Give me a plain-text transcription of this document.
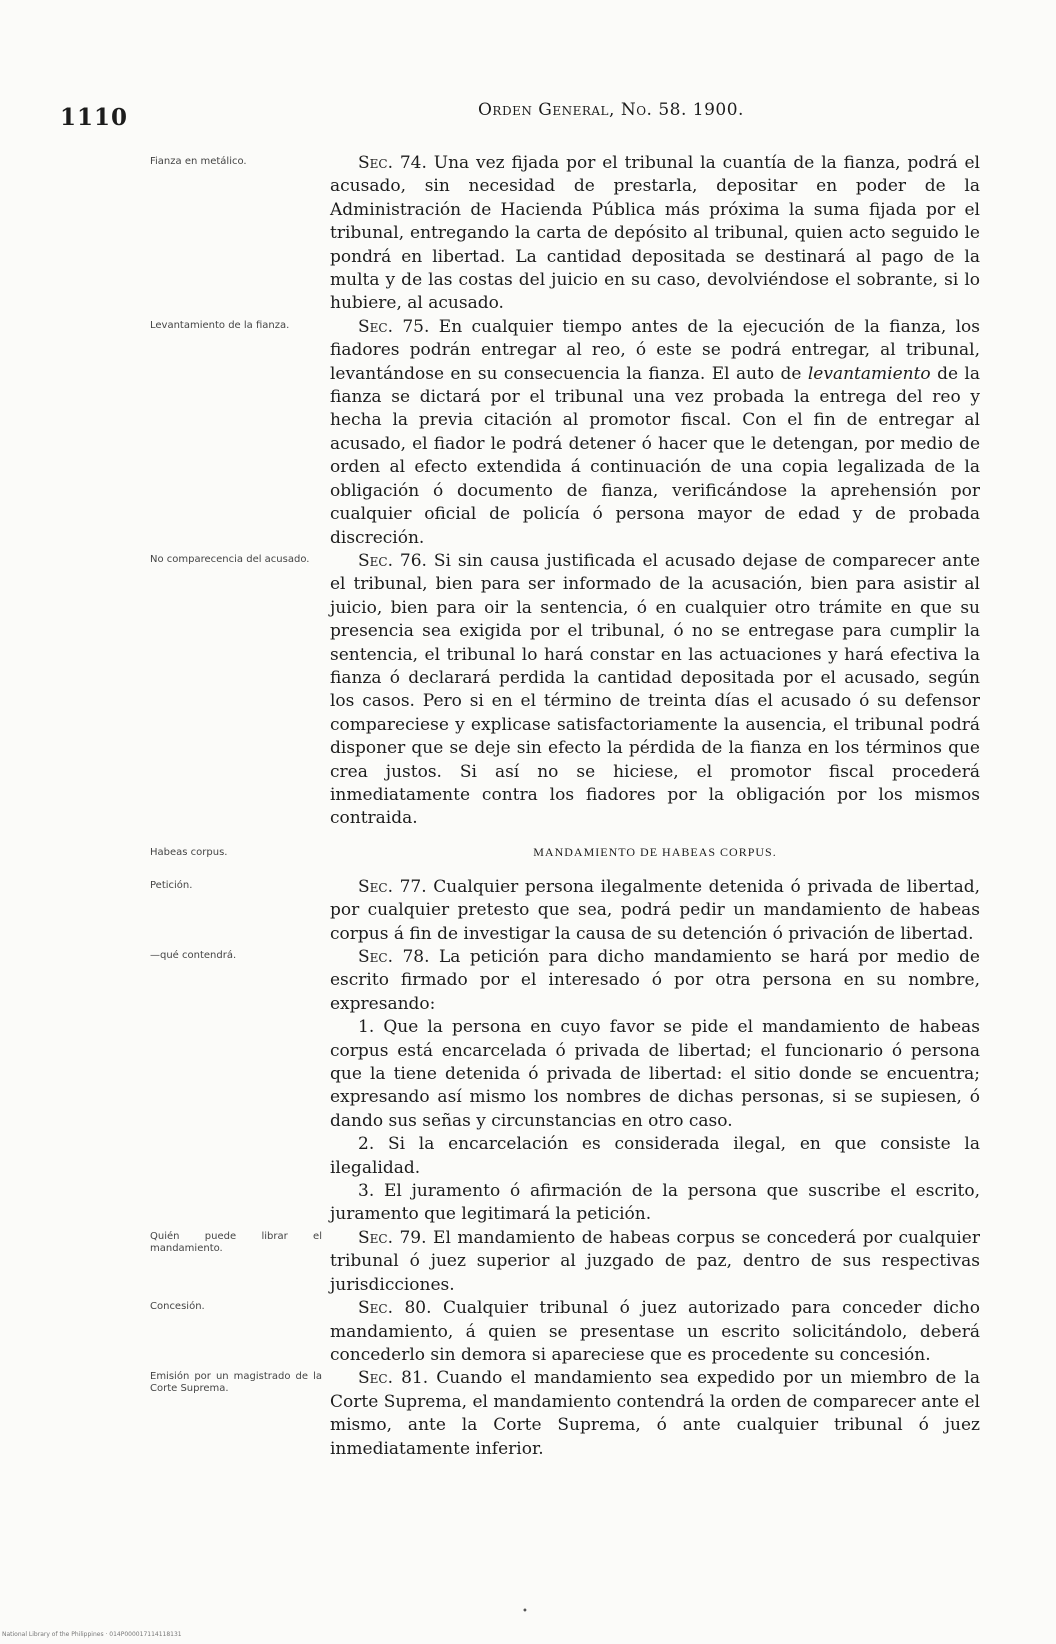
1110	Orden General, No. 58. 1900.
Fianza en metálico.	Sec. 74. Una vez fijada por el tribunal la cuantía de la fianza, podrá el acusado, sin necesidad de prestarla, depositar en poder de la Administración de Hacienda Pública más próxima la suma fijada por el tribunal, entregando la carta de depósito al tribunal, quien acto seguido le pondrá en libertad. La cantidad depositada se destinará al pago de la multa y de las costas del juicio en su caso, devolviéndose el sobrante, si lo hubiere, al acusado.

Levantamiento de la fianza.	Sec. 75. En cualquier tiempo antes de la ejecución de la fianza, los fiadores podrán entregar al reo, ó este se podrá entregar, al tribunal, levantándose en su consecuencia la fianza. El auto de levantamiento de la fianza se dictará por el tribunal una vez probada la entrega del reo y hecha la previa citación al promotor fiscal. Con el fin de entregar al acusado, el fiador le podrá detener ó hacer que le detengan, por medio de orden al efecto extendida á continuación de una copia legalizada de la obligación ó documento de fianza, verificándose la aprehensión por cualquier oficial de policía ó persona mayor de edad y de probada discreción.

No comparecencia del acusado.	Sec. 76. Si sin causa justificada el acusado dejase de comparecer ante el tribunal, bien para ser informado de la acusación, bien para asistir al juicio, bien para oir la sentencia, ó en cualquier otro trámite en que su presencia sea exigida por el tribunal, ó no se entregase para cumplir la sentencia, el tribunal lo hará constar en las actuaciones y hará efectiva la fianza ó declarará perdida la cantidad depositada por el acusado, según los casos. Pero si en el término de treinta días el acusado ó su defensor compareciese y explicase satisfactoriamente la ausencia, el tribunal podrá disponer que se deje sin efecto la pérdida de la fianza en los términos que crea justos. Si así no se hiciese, el promotor fiscal procederá inmediatamente contra los fiadores por la obligación por los mismos contraida.

Habeas corpus.	MANDAMIENTO DE HABEAS CORPUS.
Petición.	Sec. 77. Cualquier persona ilegalmente detenida ó privada de libertad, por cualquier pretesto que sea, podrá pedir un mandamiento de habeas corpus á fin de investigar la causa de su detención ó privación de libertad.

—qué contendrá.	Sec. 78. La petición para dicho mandamiento se hará por medio de escrito firmado por el interesado ó por otra persona en su nombre, expresando:

1. Que la persona en cuyo favor se pide el mandamiento de habeas corpus está encarcelada ó privada de libertad; el funcionario ó persona que la tiene detenida ó privada de libertad: el sitio donde se encuentra; expresando así mismo los nombres de dichas personas, si se supiesen, ó dando sus señas y circunstancias en otro caso.

2. Si la encarcelación es considerada ilegal, en que consiste la ilegalidad.

3. El juramento ó afirmación de la persona que suscribe el escrito, juramento que legitimará la petición.

Quién puede librar el mandamiento.

Sec. 79. El mandamiento de habeas corpus se concederá por cualquier tribunal ó juez superior al juzgado de paz, dentro de sus respectivas jurisdicciones.

Concesión.	Sec. 80. Cualquier tribunal ó juez autorizado para conceder dicho mandamiento, á quien se presentase un escrito solicitándolo, deberá concederlo sin demora si apareciese que es procedente su concesión.

Emisión por un magistrado de la Corte Suprema.

Sec. 81. Cuando el mandamiento sea expedido por un miembro de la Corte Suprema, el mandamiento contendrá la orden de comparecer ante el mismo, ante la Corte Suprema, ó ante cualquier tribunal ó juez inmediatamente inferior.

•
National Library of the Philippines · 014P000017114118131
